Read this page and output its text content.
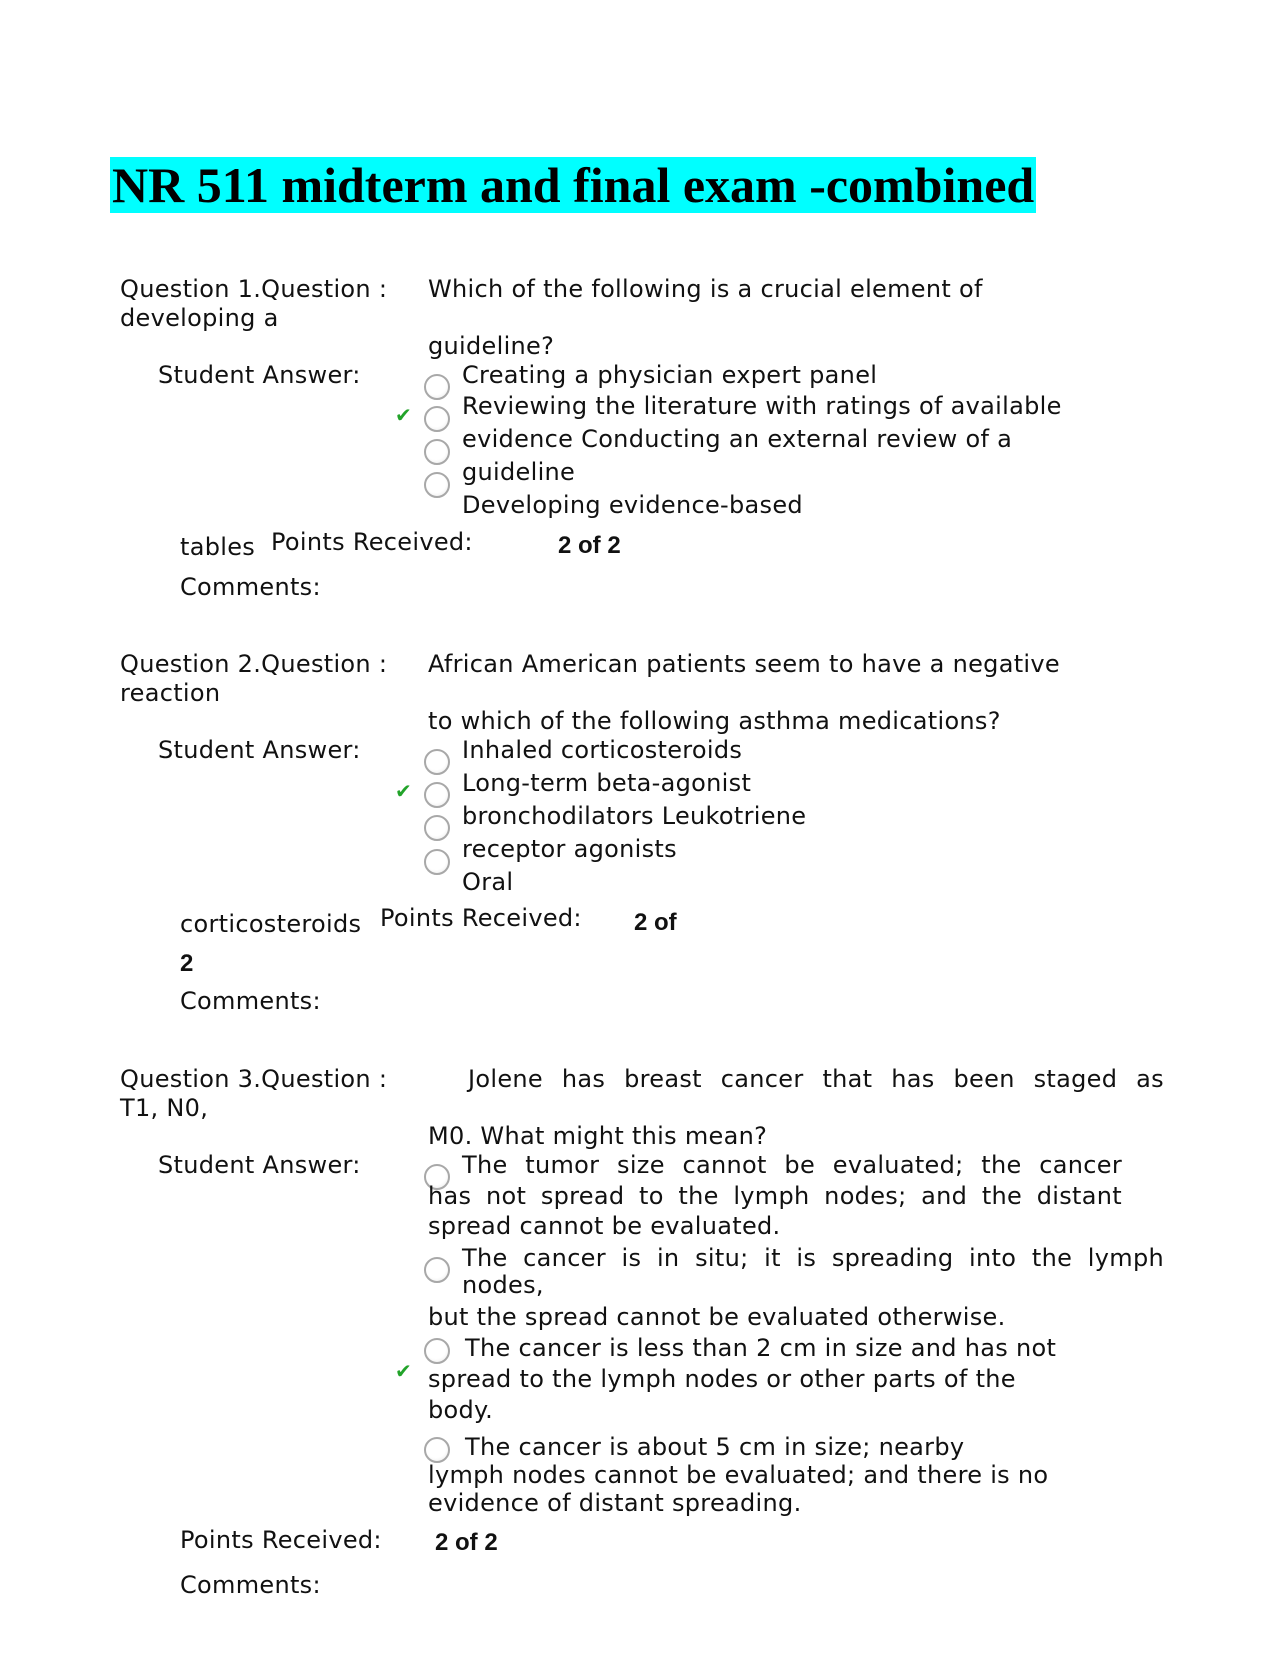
NR 511 midterm and final exam -combined
Question 1.Question :
developing a
Which of the following is a crucial element of
guideline?
Student Answer:
✔
Creating a physician expert panel
Reviewing the literature with ratings of available
evidence Conducting an external review of a
guideline
Developing evidence-based
tables Points Received:	2 of 2
Comments:
Question 2.Question :
reaction
African American patients seem to have a negative
to which of the following asthma medications?
Student Answer:
✔
Inhaled corticosteroids
Long-term beta-agonist
bronchodilators Leukotriene
receptor agonists
Oral
corticosteroids Points Received: 2 of
2
Comments:
Question 3.Question :
T1, N0,
Jolene has breast cancer that has been staged as
M0. What might this mean?
Student Answer:	The tumor size cannot be evaluated; the cancer
has not spread to the lymph nodes; and the distant
spread cannot be evaluated.
The cancer is in situ; it is spreading into the lymph
nodes,
but the spread cannot be evaluated otherwise.
✔
The cancer is less than 2 cm in size and has not
spread to the lymph nodes or other parts of the
body.
The cancer is about 5 cm in size; nearby
lymph nodes cannot be evaluated; and there is no
evidence of distant spreading.
Points Received: 2 of 2
Comments:
